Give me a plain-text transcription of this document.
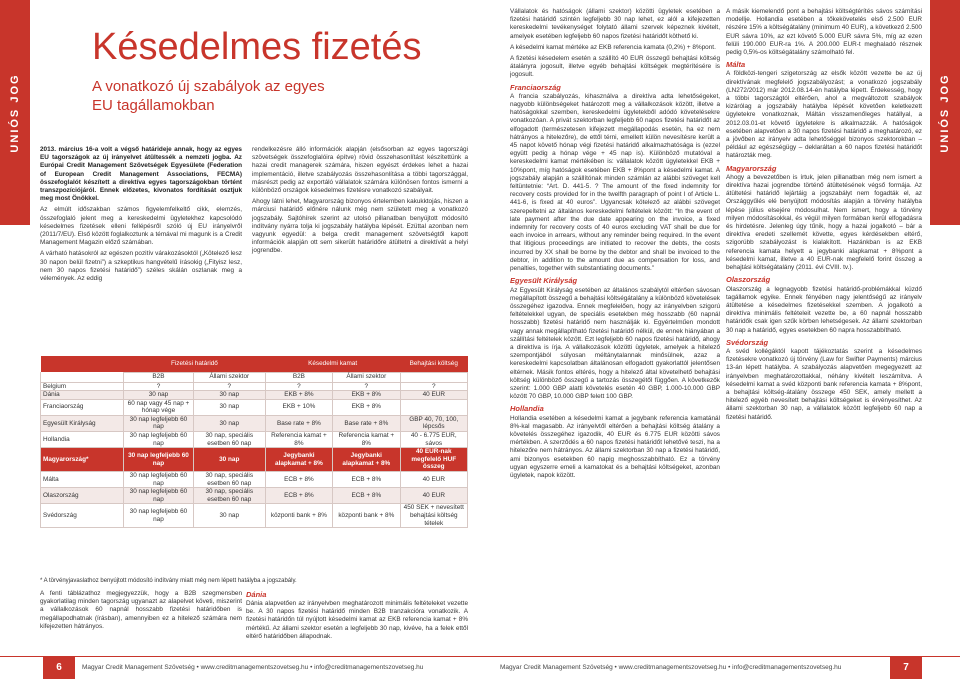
UNIÓS JOG
Késedelmes fizetés
A vonatkozó új szabályok az egyes
EU tagállamokban

2013. március 16-a volt a végső határideje annak, hogy az egyes EU tagországok az új irányelvet átültessék a nemzeti jogba. Az Európai Credit Management Szövetségek Egyesülete (Federation of European Credit Management Associations, FECMA) összefoglalót készített a direktíva egyes tagországokban történt transzpozíciójáról. Ennek előzetes, kivonatos fordítását osztjuk meg most Önökkel.

Az elmúlt időszakban számos figyelemfelkeltő cikk, elemzés, összefoglaló jelent meg a kereskedelmi ügyletekhez kapcsolódó késedelmes fizetések elleni fellépésről szóló új EU irányelvről (2011/7/EU). Első között foglalkoztunk a témával mi magunk is a Credit Management Magazin előző számában.

A várható hatásokról az egészen pozitív várakozásoktól („Kötelező lesz 30 napon belül fizetni”) a szkeptikus hangvételű írásokig („Fityisz lesz, nem 30 napos fizetési határidő”) széles skálán oszlanak meg a vélemények. Az eddig

rendelkezésre álló információk alapján (elsősorban az egyes tagországi szövetségek összefoglalóira építve) rövid összehasonlítást készítettünk a hazai credit managerek számára, hiszen egyészt érdekes lehet a hazai implementáció, illetve szabályozás összehasonlítása a többi tagországgal, másrészt pedig az exportáló vállalatok számára különösen fontos ismerni a különböző országok késedelmes fizetésre vonatkozó szabályait.

Ahogy látni lehet, Magyarország bizonyos értelemben kakukktojás, hiszen a márciusi határidő előnére nálunk még nem született meg a vonatkozó jogszabály. Sajtóhírek szerint az utolsó pillanatban benyújtott módosító indítvány nyárra tolja ki jogszabály hatályba lépését. Ezüttal azonban nem vagyunk egyedül: a belga credit management szövetségtől kapott információk alapján ott sem sikerült határidőre átültetni a direktívát a helyi jogrendbe.

	Fizetési határidő		Késedelmi kamat		Behajtási költség
	B2B	Állami szektor	B2B	Állami szektor	
Belgium	?	?	?	?	?
Dánia	30 nap	30 nap	EKB + 8%	EKB + 8%	40 EUR
Franciaország	60 nap vagy 45 nap + hónap vége	30 nap	EKB + 10%	EKB + 8%	
Egyesült Királyság	30 nap legfeljebb 60 nap	30 nap	Base rate + 8%	Base rate + 8%	GBP 40, 70, 100, lépcsős
Hollandia	30 nap legfeljebb 60 nap	30 nap, speciális esetben 60 nap	Referencia kamat + 8%	Referencia kamat + 8%	40 - 6.775 EUR, sávos
Magyarország*	30 nap legfeljebb 60 nap	30 nap	Jegybanki alapkamat + 8%	Jegybanki alapkamat + 8%	40 EUR-nak megfelelő HUF összeg
Málta	30 nap legfeljebb 60 nap	30 nap, speciális esetben 60 nap	ECB + 8%	ECB + 8%	40 EUR
Olaszország	30 nap legfeljebb 60 nap	30 nap, speciális esetben 60 nap	ECB + 8%	ECB + 8%	40 EUR
Svédország	30 nap legfeljebb 60 nap	30 nap	központi bank + 8%	központi bank + 8%	450 SEK + nevesített behajtási költség tételek
* A törvényjavaslathoz benyújtott módosító indítvány miatt még nem lépett hatályba a jogszabály.
A fenti táblázathoz megjegyezzük, hogy a B2B szegmensben gyakorlatilag minden tagország ugyanazt az alapelvet követi, miszerint a vállalkozások 60 napnál hosszabb fizetési határidőben is megállapodhatnak (írásban), amennyiben ez a hitelező számára nem kifejezetten hátrányos.
Dánia
Dánia alapvetően az irányelvben meghatározott minimális feltételeket vezette be. A 30 napos fizetési határidő minden B2B tranzakcióra vonatkozik. A fizetési határidőn túl nyújtott késedelmi kamat az EKB referencia kamat + 8% mértékű. Az állami szektor esetén a legfeljebb 30 nap, kivéve, ha a felek ettől eltérő határidőben állapodnak.
6	Magyar Credit Management Szövetség • www.creditmanagementszovetseg.hu • info@creditmanagementszovetseg.hu
UNIÓS JOG

Vállalatok és hatóságok (állami szektor) közötti ügyletek esetében a fizetési határidő szintén legfeljebb 30 nap lehet, ez alól a kifejezetten kereskedelmi tevékenységet folytató állami szervek képeznek kivételt, amelyek esetében legfeljebb 60 napos fizetési határidőt köthető ki.

A késedelmi kamat mértéke az EKB referencia kamata (0,2%) + 8%pont.

A fizetési késedelem esetén a szállító 40 EUR összegű behajtási költség átalányra jogosult, illetve egyéb behajtási költségek megtérítésére is jogosult.

Franciaország

A francia szabályozás, kihasználva a direktíva adta lehetőségeket, nagyobb különbségeket határozott meg a vállalkozások között, illetve a hatóságokkal szemben, kereskedelmi ügyletekből adódó követelésekre vonatkozóan. A privát szektorban legfeljebb 60 napos fizetési határidőt az elfogadott (természetesen kifejezett megállapodás esetén, ha ez nem hátrányos a hitelezőre), de ettől térni, emellett külön nevesítésre került a 45 napot követő hónap végi fizetési határidő alkalmazhatósága is (ezzel együtt pedig a hónap vége + 45 nap is). Különböző mutatóval a kereskedelmi kamat mértékében is: vállalatok között ügyletekkel EKB + 10%pont, míg hatóságok esetében EKB + 8%pont a késedelmi kamat. A jogszabály alapján a szállítónak minden számlán az alábbi szöveget kell feltüntetnie: “Art. D. 441-5. ? The amount of the fixed indemnity for recovery costs provided for in the twelfth paragraph of point I of Article L. 441-6, is fixed at 40 euros”. Ugyancsak kötelező az alábbi szöveget szerepeltetni az általános kereskedelmi feltételek között: “In the event of late payment after the due date appearing on the invoice, a fixed indemnity for recovery costs of 40 euros excluding VAT shall be due for each invoice in arrears, without any reminder being required. In the event that litigious proceedings are initiated to recover the debts, the costs incurred by XX shall be borne by the debtor and shall be invoiced to the debtor, in addition to the amount due as compensation for loss, and penalties, together with substantiating documents.”

Egyesült Királyság

Az Egyesült Királyság esetében az általános szabálytól eltérően sávosan megállapított összegű a behajtási költségátalány a különböző követelések összegéhez igazodva. Ennek megfelelően, hogy az irányelvben szigorú feltételekkel ugyan, de speciális esetekben még hosszabb (60 napnál hosszabb) fizetési határidő nem használják ki. Egyértelműen mondott vagy annak megállapítható fizetési határidő nélkül, de ennek hiányában a szállítási feltételek között. Ezt legfeljebb 60 napos fizetési határidő, ahogy a direktíva is írja. A vállalkozások közötti ügyletek, amelyek a hitelező szempontjából súlyosan méltánytalannak minősülnek, azaz a kereskedelmi kapcsolatban általánosan elfogadott gyakorlattól jelentősen eltérnek. Másik fontos eltérés, hogy a hitelező által követelhető behajtási költség különböző összegű a tartozás összegétől függően. A következők szerint: 1.000 GBP alatti követelés esetén 40 GBP, 1.000-10.000 GBP között 70 GBP, 10.000 GBP felett 100 GBP.

Hollandia

Hollandia esetében a késedelmi kamat a jegybank referencia kamatánál 8%-kal magasabb. Az irányelvtől eltérően a behajtási költség átalány a követelés összegéhez igazodik, 40 EUR és 6.775 EUR közötti sávos mértékben. A szerződés a 60 napos fizetési határidőt lehetővé teszi, ha a hitelezőre nem hátrányos. Az állami szektorban 30 nap a fizetési határidő, ami bizonyos esetekben 60 napig meghosszabbítható. Ez a törvény ugyan egyszerre emeli a kamatokat és a behajtási költségeket, azonban ügyletek, napok között.

A másik kiemelendő pont a behajtási költségtérítés sávos számítási modellje. Hollandia esetében a tőkekövetelés első 2.500 EUR részére 15% a költségátalány (minimum 40 EUR), a következő 2.500 EUR sávra 10%, az ezt követő 5.000 EUR sávra 5%, míg az ezen felüli 190.000 EUR-ra 1%. A 200.000 EUR-t meghaladó résznek pedig 0,5%-os költségátalány számolható fel.

Málta

A földközi-tengeri szigetország az elsők között vezette be az új direktívának megfelelő jogszabályozást; a vonatkozó jogszabály (LN272/2012) már 2012.08.14-én hatályba lépett. Érdekesség, hogy a többi tagországtól eltérően, ahol a megváltozott szabályok kizárólag a jogszabály hatályba lépését követően keletkezett ügyletekre vonatkoznak, Máltán visszamenőleges hatállyal, a 2012.03.01-et követő ügyletekre is alkalmazzák. A hatóságok esetében alapvetően a 30 napos fizetési határidő a meghatározó, ez a jövőben az irányelv adta lehetőséggel bizonyos szektorokban – például az egészségügy – deklaráltan a 60 napos fizetési határidőt határozták meg.

Magyarország

Ahogy a bevezetőben is írtuk, jelen pillanatban még nem ismert a direktíva hazai jogrendbe történő átültetésének végső formája. Az átültetési határidő lejártáig a jogszabályt nem fogadták el, az Országgyűlés elé benyújtott módosítás alapján a törvény hatályba lépése július elsejére módosulhat. Nem ismert, hogy a törvény milyen módosításokkal, és végül milyen formában kerül elfogadásra és hirdetésre. Jelenleg úgy tűnik, hogy a hazai jogalkotó – bár a direktíva eredeti szellemét követte, egyes kérdésekben eltérő, szigorúbb szabályozást is kialakított. Hazánkban is az EKB referencia kamata helyett a jegybanki alapkamat + 8%pont a késedelmi kamat, illetve a 40 EUR-nak megfelelő forint összeg a behajtási költségátalány (2011. évi CVIII. tv.).

Olaszország

Olaszország a legnagyobb fizetési határidő-problémákkal küzdő tagállamok egyike. Ennek fényében nagy jelentőségű az irányelv átültetése a késedelmes fizetésekkel szemben. A jogalkotó a direktíva minimális feltételeit vezette be, a 60 napnál hosszabb határidők csak igen szűk körben lehetségesek. Az állami szektorban 30 nap a határidő, egyes esetekben 60 napra hosszabbítható.

Svédország

A svéd kollégáktól kapott tájékoztatás szerint a késedelmes fizetésekre vonatkozó új törvény (Law for Swifter Payments) március 13-án lépett hatályba. A szabályozás alapvetően megegyezett az irányelvben meghatározottakkal, néhány kivételt leszámítva. A késedelmi kamat a svéd központi bank referencia kamata + 8%pont, a behajtási költség-átalány összege 450 SEK, amely mellett a hitelező egyéb nevesített behajtási költségeket is érvényesíthet. Az állami szektorban 30 nap, a vállalatok között legfeljebb 60 nap a fizetési határidő.

Magyar Credit Management Szövetség • www.creditmanagementszovetseg.hu • info@creditmanagementszovetseg.hu	7
